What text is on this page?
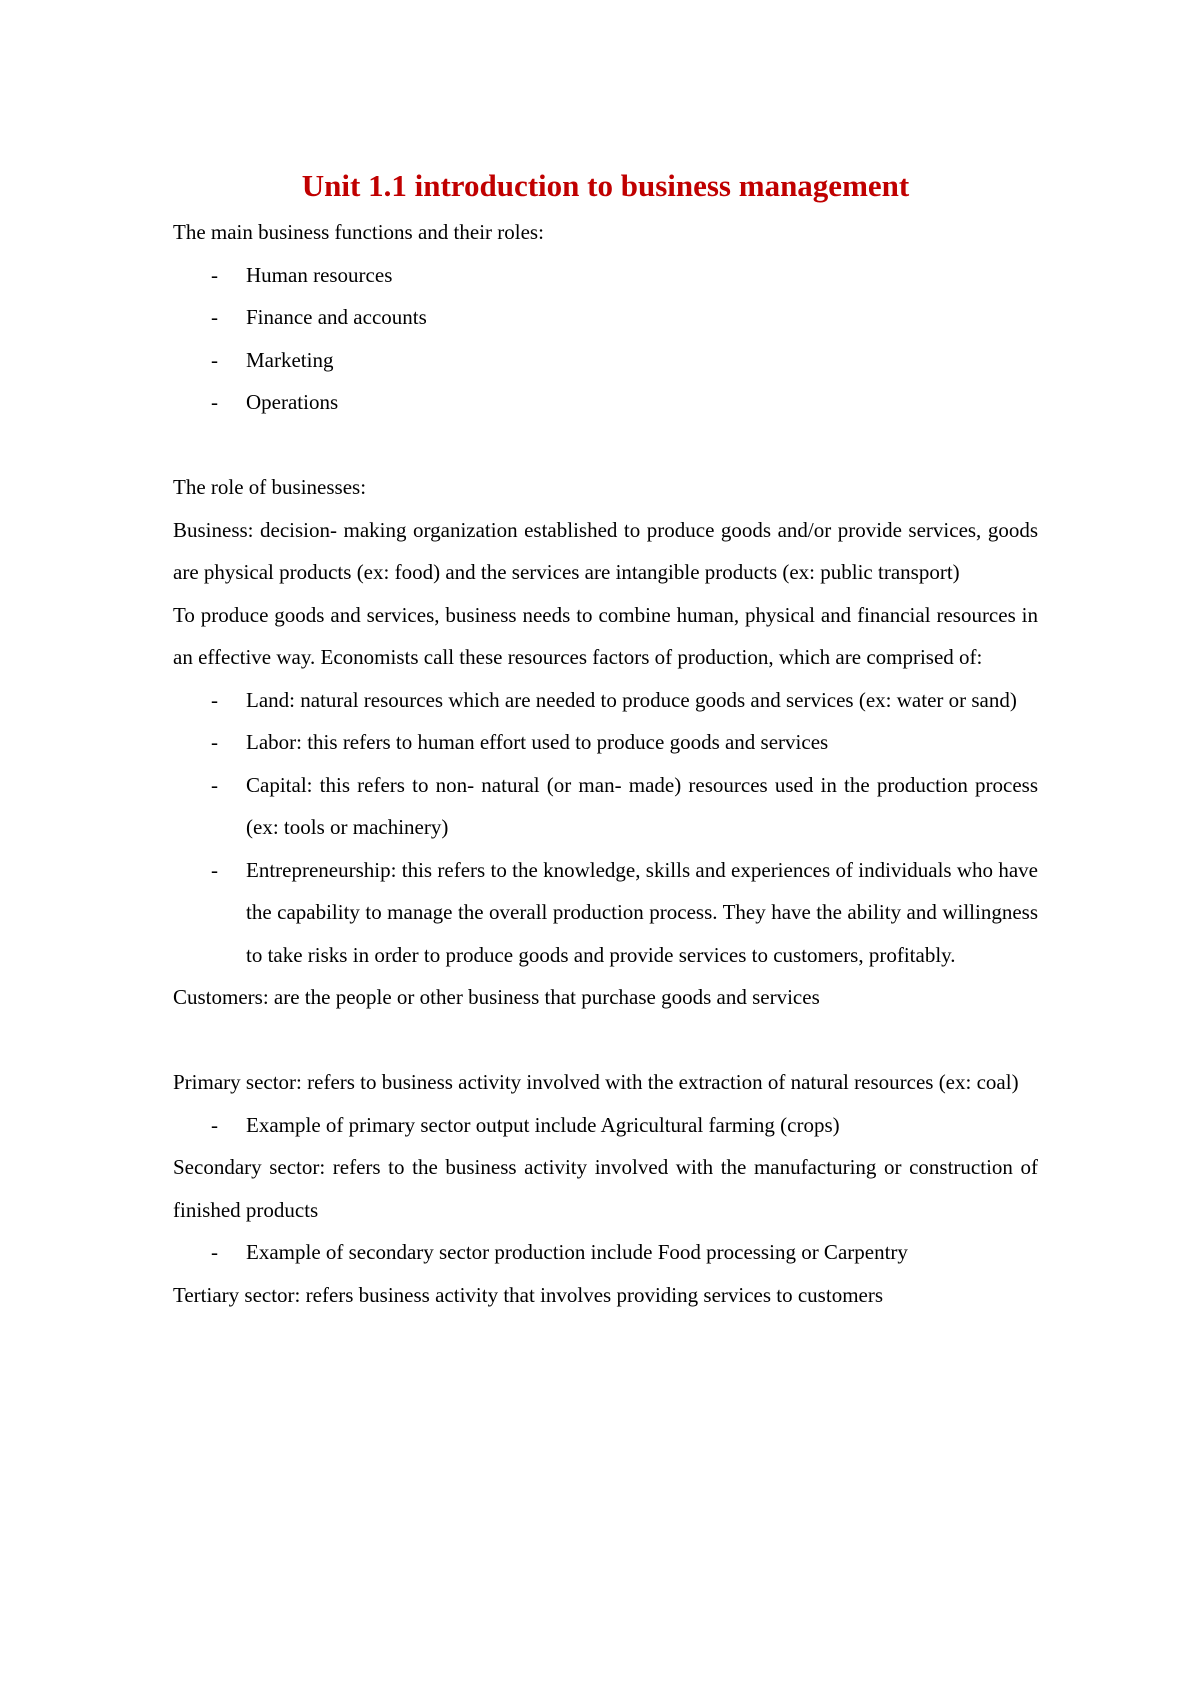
Unit 1.1 introduction to business management

The main business functions and their roles:

- Human resources
- Finance and accounts
- Marketing
- Operations

The role of businesses:

Business: decision- making organization established to produce goods and/or provide services, goods are physical products (ex: food) and the services are intangible products (ex: public transport)

To produce goods and services, business needs to combine human, physical and financial resources in an effective way. Economists call these resources factors of production, which are comprised of:

- Land: natural resources which are needed to produce goods and services (ex: water or sand)
- Labor: this refers to human effort used to produce goods and services
- Capital: this refers to non- natural (or man- made) resources used in the production process (ex: tools or machinery)
- Entrepreneurship: this refers to the knowledge, skills and experiences of individuals who have the capability to manage the overall production process. They have the ability and willingness to take risks in order to produce goods and provide services to customers, profitably.

Customers: are the people or other business that purchase goods and services

Primary sector: refers to business activity involved with the extraction of natural resources (ex: coal)

- Example of primary sector output include Agricultural farming (crops)

Secondary sector: refers to the business activity involved with the manufacturing or construction of finished products

- Example of secondary sector production include Food processing or Carpentry

Tertiary sector: refers business activity that involves providing services to customers
